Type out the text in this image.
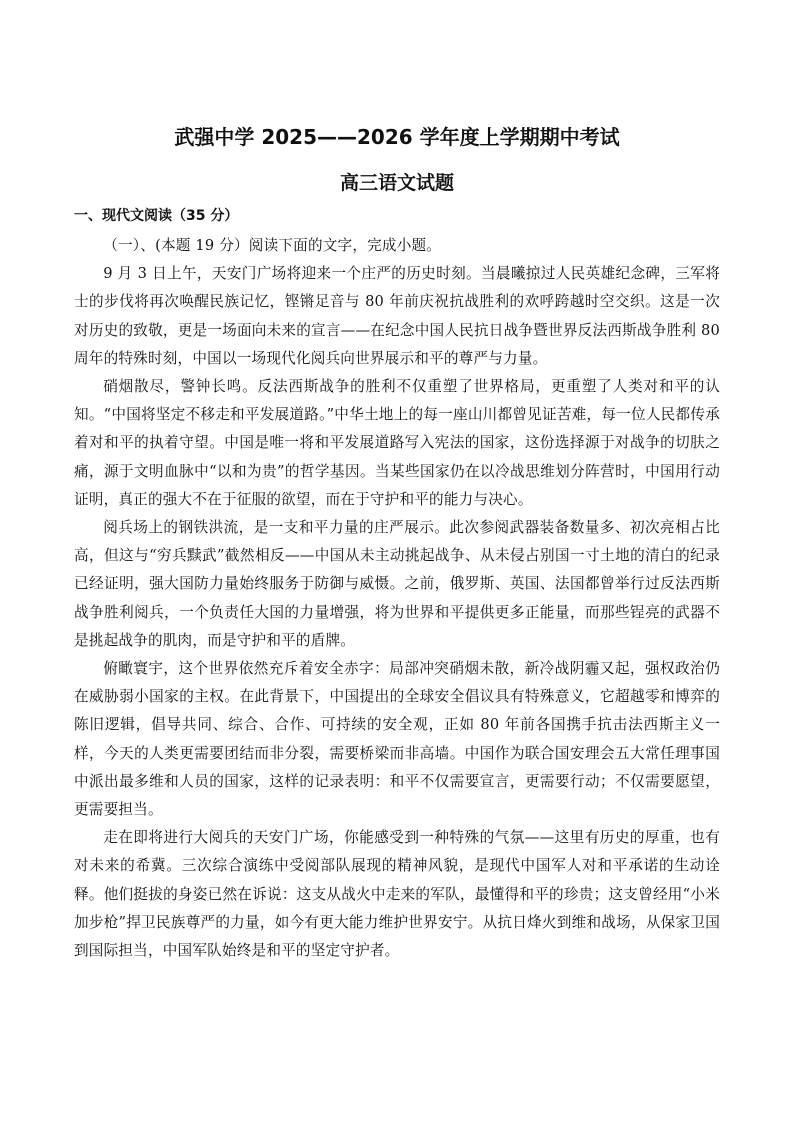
武强中学 2025——2026 学年度上学期期中考试
高三语文试题
一、现代文阅读（35 分）

（一）、(本题 19 分）阅读下面的文字，完成小题。

9 月 3 日上午，天安门广场将迎来一个庄严的历史时刻。当晨曦掠过人民英雄纪念碑，三军将士的步伐将再次唤醒民族记忆，铿锵足音与 80 年前庆祝抗战胜利的欢呼跨越时空交织。这是一次对历史的致敬，更是一场面向未来的宣言——在纪念中国人民抗日战争暨世界反法西斯战争胜利 80 周年的特殊时刻，中国以一场现代化阅兵向世界展示和平的尊严与力量。

硝烟散尽，警钟长鸣。反法西斯战争的胜利不仅重塑了世界格局，更重塑了人类对和平的认知。“中国将坚定不移走和平发展道路。”中华土地上的每一座山川都曾见证苦难，每一位人民都传承着对和平的执着守望。中国是唯一将和平发展道路写入宪法的国家，这份选择源于对战争的切肤之痛，源于文明血脉中“以和为贵”的哲学基因。当某些国家仍在以冷战思维划分阵营时，中国用行动证明，真正的强大不在于征服的欲望，而在于守护和平的能力与决心。

阅兵场上的钢铁洪流，是一支和平力量的庄严展示。此次参阅武器装备数量多、初次亮相占比高，但这与“穷兵黩武”截然相反——中国从未主动挑起战争、从未侵占别国一寸土地的清白的纪录已经证明，强大国防力量始终服务于防御与威慑。之前，俄罗斯、英国、法国都曾举行过反法西斯战争胜利阅兵，一个负责任大国的力量增强，将为世界和平提供更多正能量，而那些锃亮的武器不是挑起战争的肌肉，而是守护和平的盾牌。

俯瞰寰宇，这个世界依然充斥着安全赤字：局部冲突硝烟未散，新冷战阴霾又起，强权政治仍在威胁弱小国家的主权。在此背景下，中国提出的全球安全倡议具有特殊意义，它超越零和博弈的陈旧逻辑，倡导共同、综合、合作、可持续的安全观，正如 80 年前各国携手抗击法西斯主义一样，今天的人类更需要团结而非分裂，需要桥梁而非高墙。中国作为联合国安理会五大常任理事国中派出最多维和人员的国家，这样的记录表明：和平不仅需要宣言，更需要行动；不仅需要愿望，更需要担当。

走在即将进行大阅兵的天安门广场，你能感受到一种特殊的气氛——这里有历史的厚重，也有对未来的希冀。三次综合演练中受阅部队展现的精神风貌，是现代中国军人对和平承诺的生动诠释。他们挺拔的身姿已然在诉说：这支从战火中走来的军队，最懂得和平的珍贵；这支曾经用“小米加步枪”捍卫民族尊严的力量，如今有更大能力维护世界安宁。从抗日烽火到维和战场，从保家卫国到国际担当，中国军队始终是和平的坚定守护者。
